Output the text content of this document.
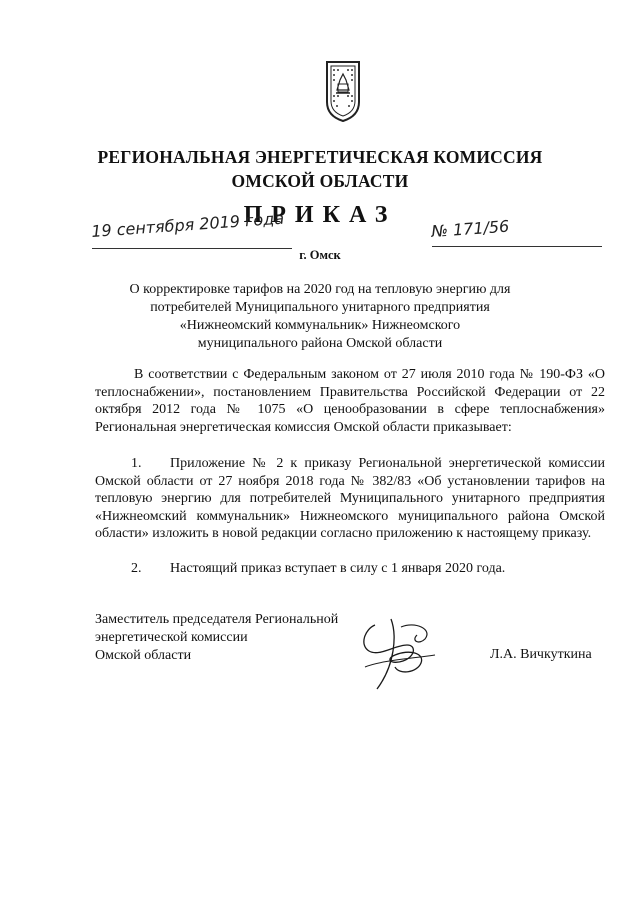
РЕГИОНАЛЬНАЯ ЭНЕРГЕТИЧЕСКАЯ КОМИССИЯ
ОМСКОЙ ОБЛАСТИ
ПРИКАЗ
19 сентября 2019 года
г. Омск
№ 171/56
О корректировке тарифов на 2020 год на тепловую энергию для
потребителей Муниципального унитарного предприятия
«Нижнеомский коммунальник» Нижнеомского
муниципального района Омской области
В соответствии с Федеральным законом от 27 июля 2010 года № 190-ФЗ «О теплоснабжении», постановлением Правительства Российской Федерации от 22 октября 2012 года № 1075 «О ценообразовании в сфере теплоснабжения» Региональная энергетическая комиссия Омской области приказывает:
1. Приложение № 2 к приказу Региональной энергетической комиссии Омской области от 27 ноября 2018 года № 382/83 «Об установлении тарифов на тепловую энергию для потребителей Муниципального унитарного предприятия «Нижнеомский коммунальник» Нижнеомского муниципального района Омской области» изложить в новой редакции согласно приложению к настоящему приказу.
2. Настоящий приказ вступает в силу с 1 января 2020 года.
Заместитель председателя Региональной
энергетической комиссии
Омской области	Л.А. Вичкуткина
